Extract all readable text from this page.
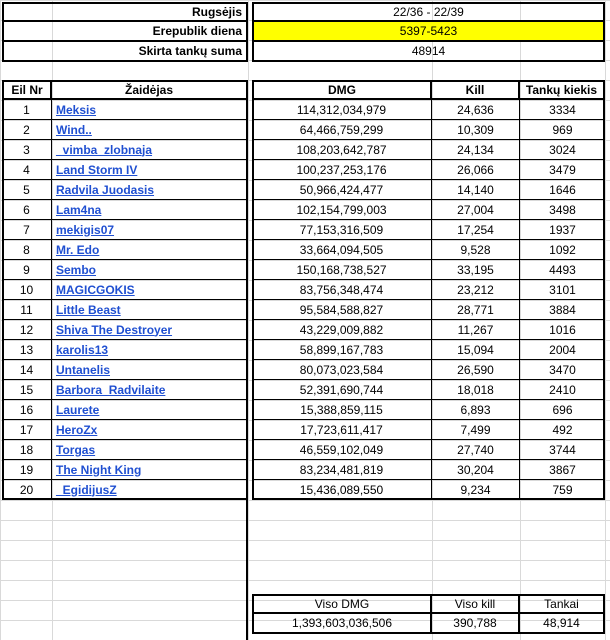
Rugsėjis	22/36 - 22/39
Erepublik diena	5397-5423
Skirta tankų suma	48914
Eil Nr	Žaidėjas	DMG	Kill	Tankų kiekis
1 Meksis	114,312,034,979	24,636	3334
2 Wind..	64,466,759,299	10,309	969
3 _vimba_zlobnaja	108,203,642,787	24,134	3024
4 Land Storm IV	100,237,253,176	26,066	3479
5 Radvila Juodasis	50,966,424,477	14,140	1646
6 Lam4na	102,154,799,003	27,004	3498
7 mekigis07	77,153,316,509	17,254	1937
8 Mr. Edo	33,664,094,505	9,528	1092
9 Sembo	150,168,738,527	33,195	4493
10 MAGICGOKIS	83,756,348,474	23,212	3101
11 Little Beast	95,584,588,827	28,771	3884
12 Shiva The Destroyer	43,229,009,882	11,267	1016
13 karolis13	58,899,167,783	15,094	2004
14 Untanelis	80,073,023,584	26,590	3470
15 Barbora_Radvilaite	52,391,690,744	18,018	2410
16 Laurete	15,388,859,115	6,893	696
17 HeroZx	17,723,611,417	7,499	492
18 Torgas	46,559,102,049	27,740	3744
19 The Night King	83,234,481,819	30,204	3867
20 _EgidijusZ	15,436,089,550	9,234	759
Viso DMG	Viso kill	Tankai
1,393,603,036,506	390,788	48,914
